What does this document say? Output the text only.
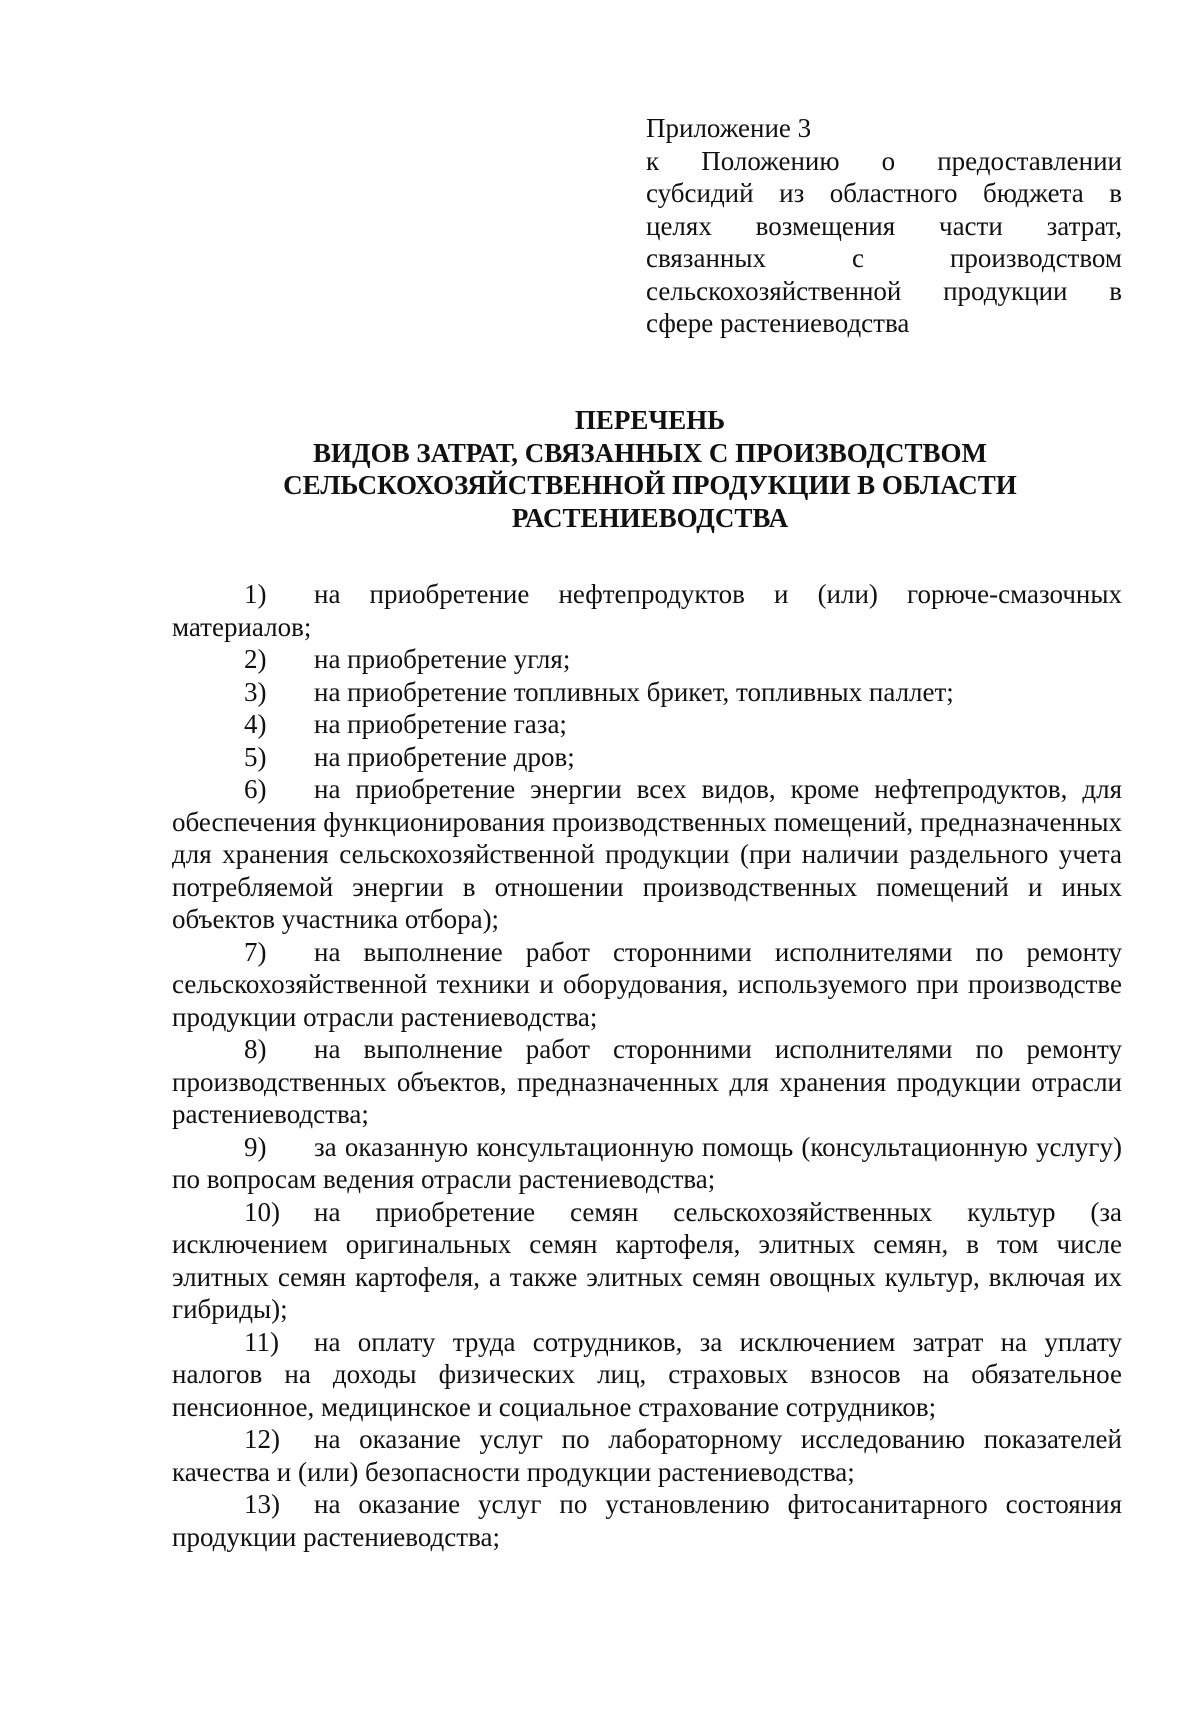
Приложение 3
к Положению о предоставлении
субсидий из областного бюджета в
целях возмещения части затрат,
связанных с производством
сельскохозяйственной продукции в
сфере растениеводства
ПЕРЕЧЕНЬ
ВИДОВ ЗАТРАТ, СВЯЗАННЫХ С ПРОИЗВОДСТВОМ
СЕЛЬСКОХОЗЯЙСТВЕННОЙ ПРОДУКЦИИ В ОБЛАСТИ
РАСТЕНИЕВОДСТВА

1) на приобретение нефтепродуктов и (или) горюче-смазочных материалов;

2) на приобретение угля;

3) на приобретение топливных брикет, топливных паллет;

4) на приобретение газа;

5) на приобретение дров;

6) на приобретение энергии всех видов, кроме нефтепродуктов, для обеспечения функционирования производственных помещений, предназначенных для хранения сельскохозяйственной продукции (при наличии раздельного учета потребляемой энергии в отношении производственных помещений и иных объектов участника отбора);

7) на выполнение работ сторонними исполнителями по ремонту сельскохозяйственной техники и оборудования, используемого при производстве продукции отрасли растениеводства;

8) на выполнение работ сторонними исполнителями по ремонту производственных объектов, предназначенных для хранения продукции отрасли растениеводства;

9) за оказанную консультационную помощь (консультационную услугу) по вопросам ведения отрасли растениеводства;

10) на приобретение семян сельскохозяйственных культур (за исключением оригинальных семян картофеля, элитных семян, в том числе элитных семян картофеля, а также элитных семян овощных культур, включая их гибриды);

11) на оплату труда сотрудников, за исключением затрат на уплату налогов на доходы физических лиц, страховых взносов на обязательное пенсионное, медицинское и социальное страхование сотрудников;

12) на оказание услуг по лабораторному исследованию показателей качества и (или) безопасности продукции растениеводства;

13) на оказание услуг по установлению фитосанитарного состояния продукции растениеводства;
